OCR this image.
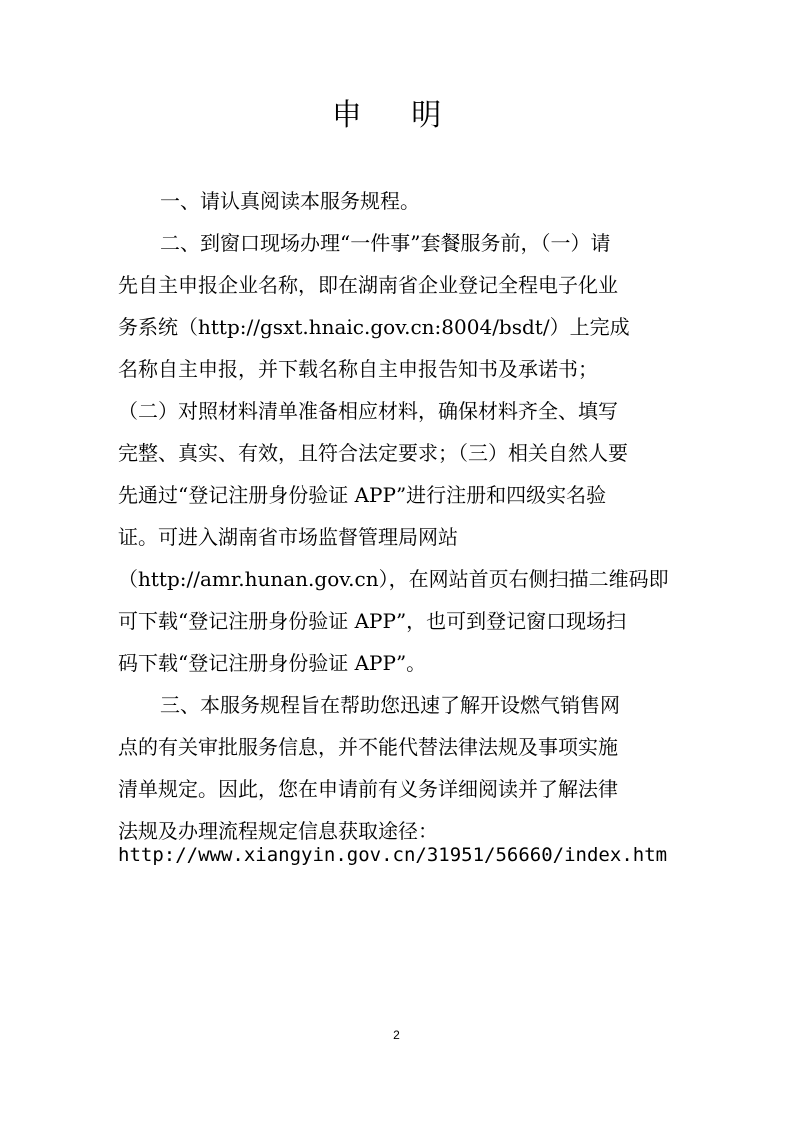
申 明
一、请认真阅读本服务规程。
二、到窗口现场办理“一件事”套餐服务前，（一）请
先自主申报企业名称，即在湖南省企业登记全程电子化业
务系统（http://gsxt.hnaic.gov.cn:8004/bsdt/）上完成
名称自主申报，并下载名称自主申报告知书及承诺书；
（二）对照材料清单准备相应材料，确保材料齐全、填写
完整、真实、有效，且符合法定要求；（三）相关自然人要
先通过“登记注册身份验证 APP”进行注册和四级实名验
证。可进入湖南省市场监督管理局网站
（http://amr.hunan.gov.cn），在网站首页右侧扫描二维码即
可下载“登记注册身份验证 APP”，也可到登记窗口现场扫
码下载“登记注册身份验证 APP”。
三、本服务规程旨在帮助您迅速了解开设燃气销售网
点的有关审批服务信息，并不能代替法律法规及事项实施
清单规定。因此，您在申请前有义务详细阅读并了解法律
法规及办理流程规定信息获取途径：
http://www.xiangyin.gov.cn/31951/56660/index.htm
2
